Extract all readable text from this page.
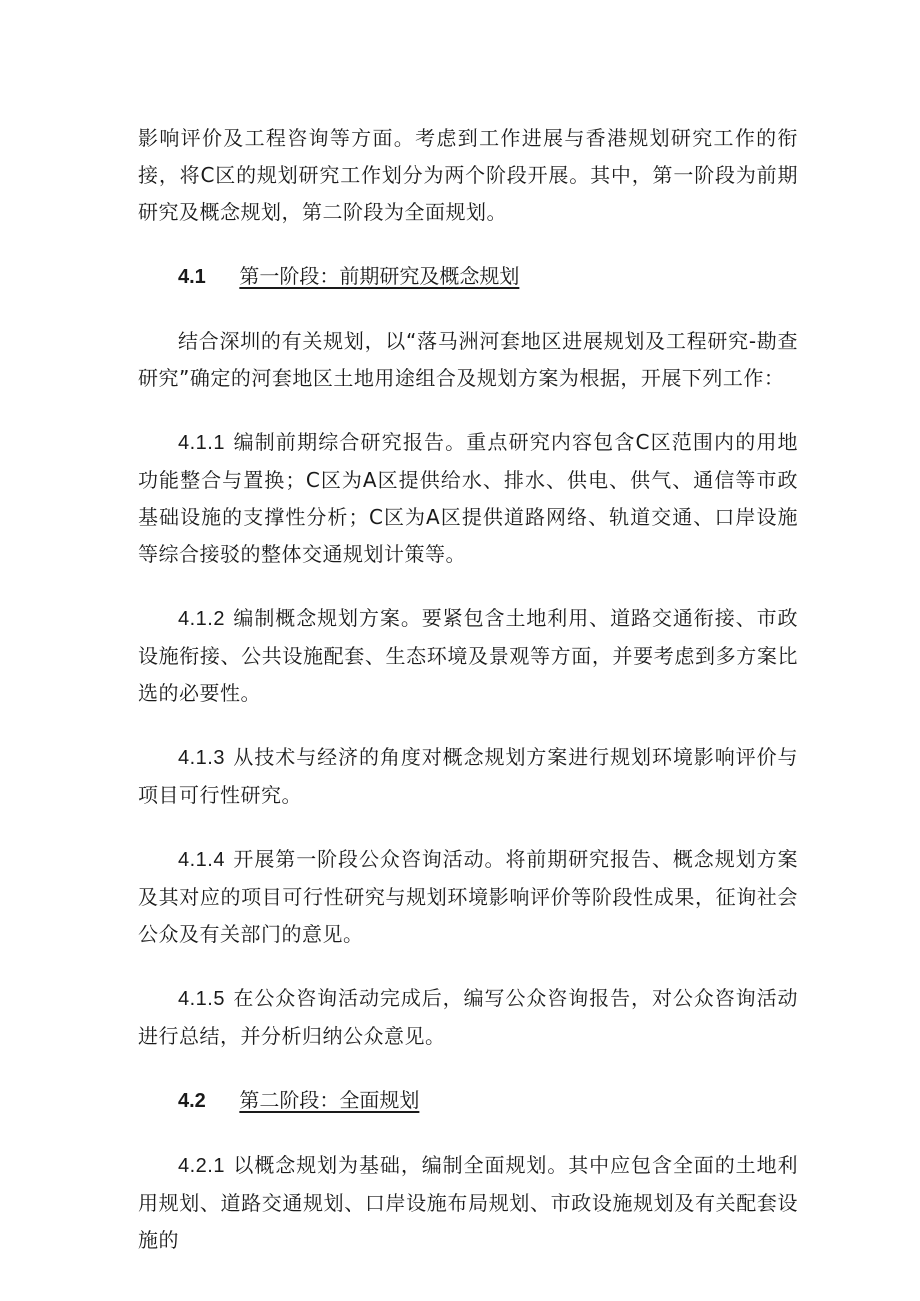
影响评价及工程咨询等方面。考虑到工作进展与香港规划研究工作的衔接，将C区的规划研究工作划分为两个阶段开展。其中，第一阶段为前期研究及概念规划，第二阶段为全面规划。

4.1 第一阶段：前期研究及概念规划

结合深圳的有关规划，以“落马洲河套地区进展规划及工程研究-勘查研究”确定的河套地区土地用途组合及规划方案为根据，开展下列工作：

4.1.1 编制前期综合研究报告。重点研究内容包含C区范围内的用地功能整合与置换；C区为A区提供给水、排水、供电、供气、通信等市政基础设施的支撑性分析；C区为A区提供道路网络、轨道交通、口岸设施等综合接驳的整体交通规划计策等。

4.1.2 编制概念规划方案。要紧包含土地利用、道路交通衔接、市政设施衔接、公共设施配套、生态环境及景观等方面，并要考虑到多方案比选的必要性。

4.1.3 从技术与经济的角度对概念规划方案进行规划环境影响评价与项目可行性研究。

4.1.4 开展第一阶段公众咨询活动。将前期研究报告、概念规划方案及其对应的项目可行性研究与规划环境影响评价等阶段性成果，征询社会公众及有关部门的意见。

4.1.5 在公众咨询活动完成后，编写公众咨询报告，对公众咨询活动进行总结，并分析归纳公众意见。

4.2 第二阶段：全面规划

4.2.1 以概念规划为基础，编制全面规划。其中应包含全面的土地利用规划、道路交通规划、口岸设施布局规划、市政设施规划及有关配套设施的
